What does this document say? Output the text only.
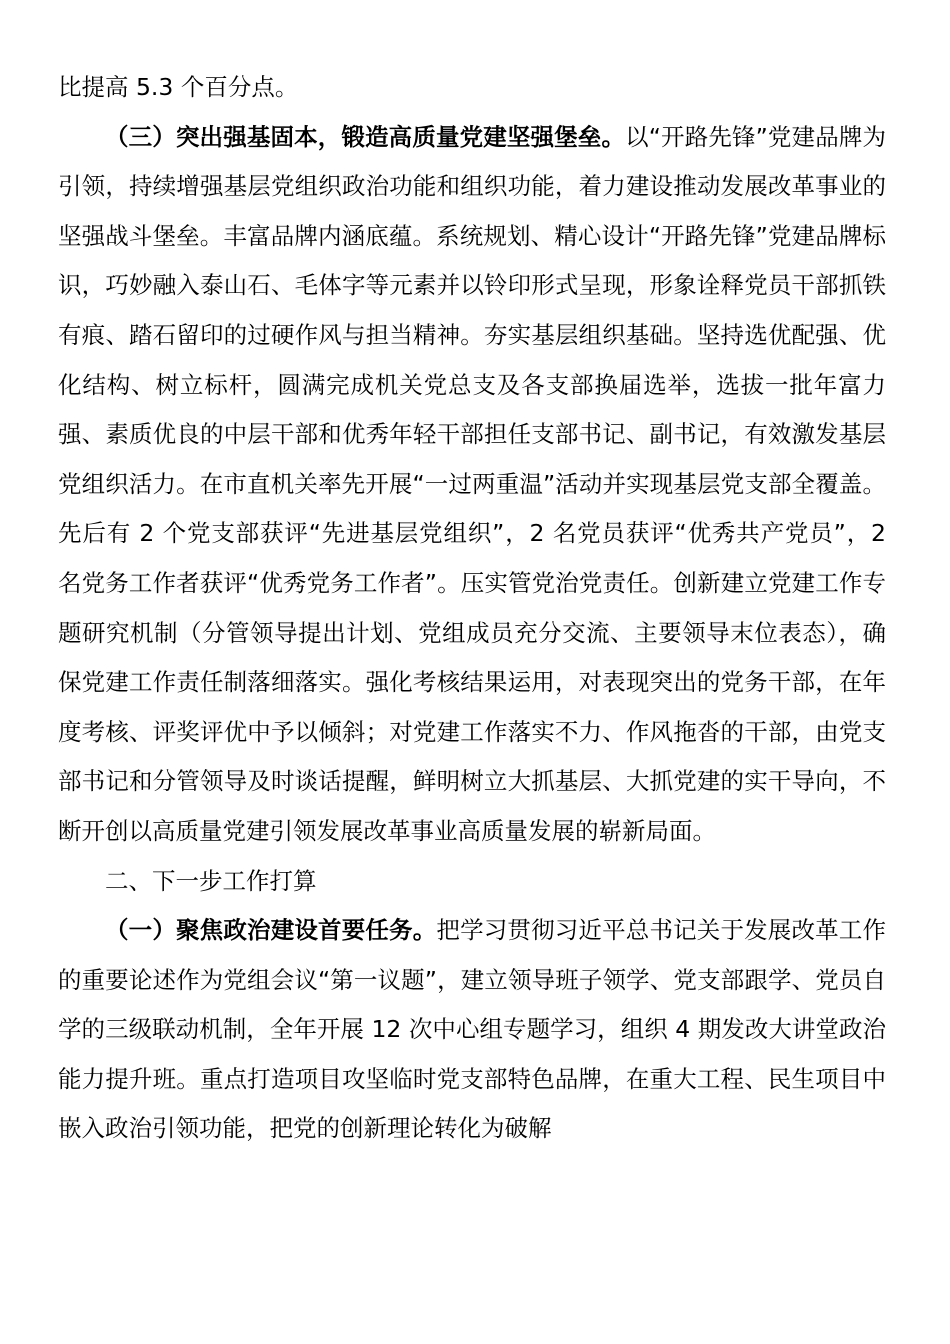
比提高 5.3 个百分点。

（三）突出强基固本，锻造高质量党建坚强堡垒。以“开路先锋”党建品牌为引领，持续增强基层党组织政治功能和组织功能，着力建设推动发展改革事业的坚强战斗堡垒。丰富品牌内涵底蕴。系统规划、精心设计“开路先锋”党建品牌标识，巧妙融入泰山石、毛体字等元素并以铃印形式呈现，形象诠释党员干部抓铁有痕、踏石留印的过硬作风与担当精神。夯实基层组织基础。坚持选优配强、优化结构、树立标杆，圆满完成机关党总支及各支部换届选举，选拔一批年富力强、素质优良的中层干部和优秀年轻干部担任支部书记、副书记，有效激发基层党组织活力。在市直机关率先开展“一过两重温”活动并实现基层党支部全覆盖。先后有 2 个党支部获评“先进基层党组织”，2 名党员获评“优秀共产党员”，2 名党务工作者获评“优秀党务工作者”。压实管党治党责任。创新建立党建工作专题研究机制（分管领导提出计划、党组成员充分交流、主要领导末位表态），确保党建工作责任制落细落实。强化考核结果运用，对表现突出的党务干部，在年度考核、评奖评优中予以倾斜；对党建工作落实不力、作风拖沓的干部，由党支部书记和分管领导及时谈话提醒，鲜明树立大抓基层、大抓党建的实干导向，不断开创以高质量党建引领发展改革事业高质量发展的崭新局面。

二、下一步工作打算

（一）聚焦政治建设首要任务。把学习贯彻习近平总书记关于发展改革工作的重要论述作为党组会议“第一议题”，建立领导班子领学、党支部跟学、党员自学的三级联动机制，全年开展 12 次中心组专题学习，组织 4 期发改大讲堂政治能力提升班。重点打造项目攻坚临时党支部特色品牌，在重大工程、民生项目中嵌入政治引领功能，把党的创新理论转化为破解
